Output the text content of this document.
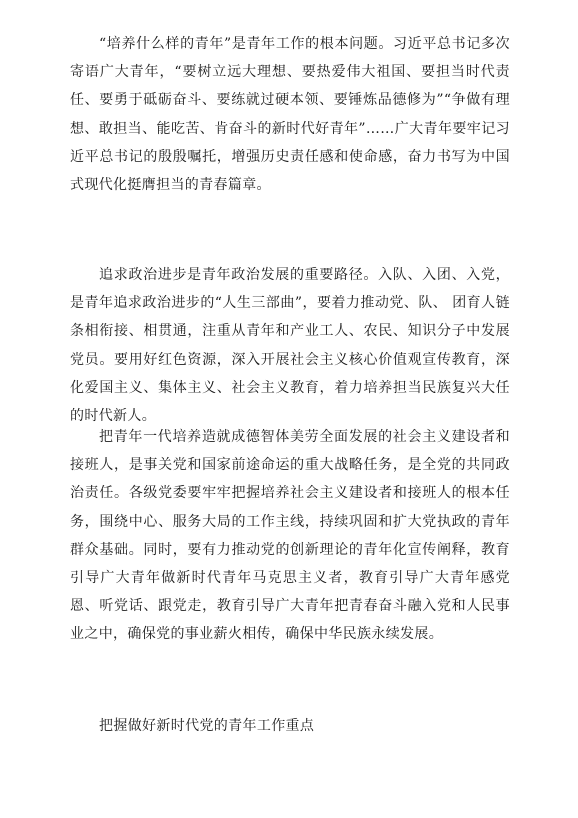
“培养什么样的青年”是青年工作的根本问题。习近平总书记多次寄语广大青年，“要树立远大理想、要热爱伟大祖国、要担当时代责任、要勇于砥砺奋斗、要练就过硬本领、要锤炼品德修为”“争做有理想、敢担当、能吃苦、肯奋斗的新时代好青年”……广大青年要牢记习近平总书记的殷殷嘱托，增强历史责任感和使命感，奋力书写为中国式现代化挺膺担当的青春篇章。

追求政治进步是青年政治发展的重要路径。入队、入团、入党，是青年追求政治进步的“人生三部曲”，要着力推动党、队、 团育人链条相衔接、相贯通，注重从青年和产业工人、农民、知识分子中发展党员。要用好红色资源，深入开展社会主义核心价值观宣传教育，深化爱国主义、集体主义、社会主义教育，着力培养担当民族复兴大任的时代新人。

把青年一代培养造就成德智体美劳全面发展的社会主义建设者和接班人，是事关党和国家前途命运的重大战略任务，是全党的共同政治责任。各级党委要牢牢把握培养社会主义建设者和接班人的根本任务，围绕中心、服务大局的工作主线，持续巩固和扩大党执政的青年群众基础。同时，要有力推动党的创新理论的青年化宣传阐释，教育引导广大青年做新时代青年马克思主义者，教育引导广大青年感党恩、听党话、跟党走，教育引导广大青年把青春奋斗融入党和人民事业之中，确保党的事业薪火相传，确保中华民族永续发展。

把握做好新时代党的青年工作重点
